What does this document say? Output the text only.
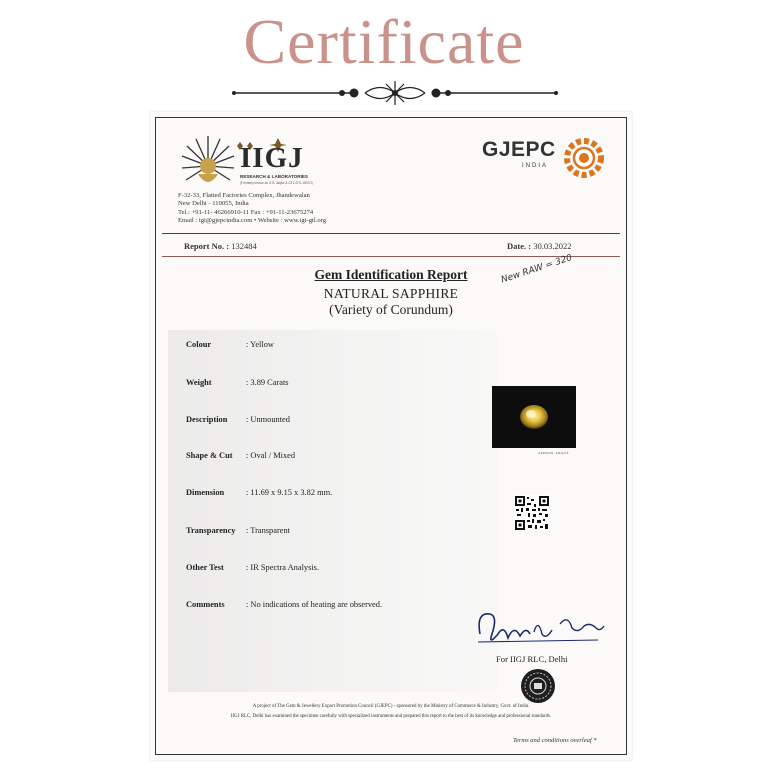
Certificate
IIGJ
RESEARCH & LABORATORIES
(Formerly known as GTL Jaipur & GTL-GTL-GEGJ)
GJEPC
INDIA
F-32-33, Flatted Factories Complex, Jhandewalan
New Delhi - 110055, India
Tel.: +91-11- 46266910-11 Fax : +91-11-23675274
Email : igi@gjepcindia.com • Website : www.igi-gtl.org
Report No. : 132484	Date. : 30.03.2022
Gem Identification Report
NATURAL SAPPHIRE
(Variety of Corundum)
New RAW = 320
Colour	: Yellow
Weight	: 3.89 Carats
Description	: Unmounted
Shape & Cut	: Oval / Mixed
Dimension	: 11.69 x 9.15 x 3.82 mm.
Transparency	: Transparent
Other Test	: IR Spectra Analysis.
Comments	: No indications of heating are observed.
APPROX. IMAGE
For IIGJ RLC, Delhi
A project of The Gem & Jewellery Export Promotion Council (GJEPC) - sponsored by the Ministry of Commerce & Industry, Govt. of India.
IIGJ RLC, Delhi has examined the specimen carefully with specialized instruments and prepared this report to the best of its knowledge and professional standards.
Terms and conditions overleaf *
